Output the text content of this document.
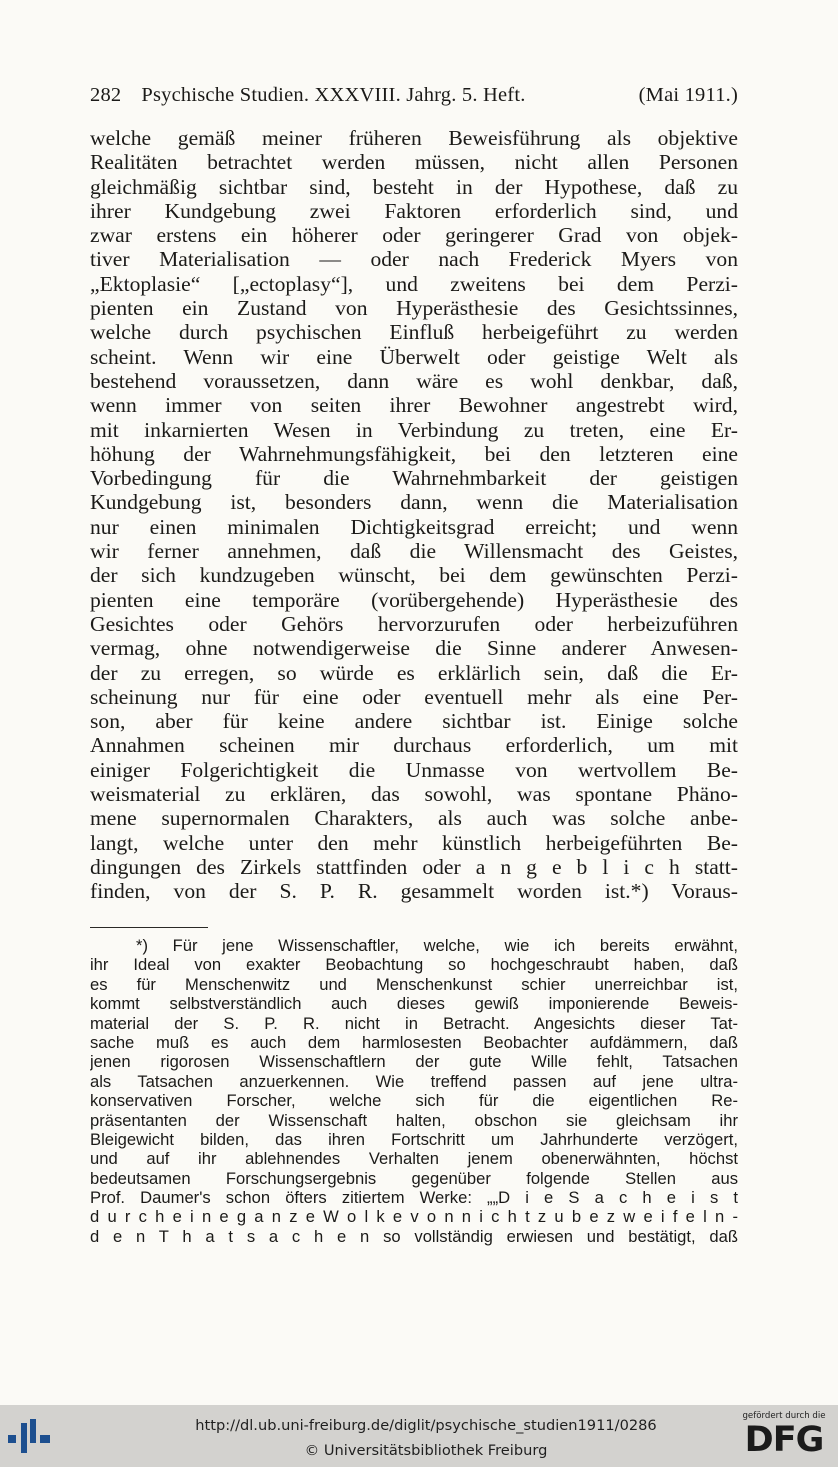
282 Psychische Studien. XXXVIII. Jahrg. 5. Heft.	(Mai 1911.)
welche gemäß meiner früheren Beweisführung als objektive
Realitäten betrachtet werden müssen, nicht allen Personen
gleichmäßig sichtbar sind, besteht in der Hypothese, daß zu
ihrer Kundgebung zwei Faktoren erforderlich sind, und
zwar erstens ein höherer oder geringerer Grad von objek-
tiver Materialisation — oder nach Frederick Myers von
„Ektoplasie“ [„ectoplasy“], und zweitens bei dem Perzi-
pienten ein Zustand von Hyperästhesie des Gesichtssinnes,
welche durch psychischen Einfluß herbeigeführt zu werden
scheint. Wenn wir eine Überwelt oder geistige Welt als
bestehend voraussetzen, dann wäre es wohl denkbar, daß,
wenn immer von seiten ihrer Bewohner angestrebt wird,
mit inkarnierten Wesen in Verbindung zu treten, eine Er-
höhung der Wahrnehmungsfähigkeit, bei den letzteren eine
Vorbedingung für die Wahrnehmbarkeit der geistigen
Kundgebung ist, besonders dann, wenn die Materialisation
nur einen minimalen Dichtigkeitsgrad erreicht; und wenn
wir ferner annehmen, daß die Willensmacht des Geistes,
der sich kundzugeben wünscht, bei dem gewünschten Perzi-
pienten eine temporäre (vorübergehende) Hyperästhesie des
Gesichtes oder Gehörs hervorzurufen oder herbeizuführen
vermag, ohne notwendigerweise die Sinne anderer Anwesen-
der zu erregen, so würde es erklärlich sein, daß die Er-
scheinung nur für eine oder eventuell mehr als eine Per-
son, aber für keine andere sichtbar ist. Einige solche
Annahmen scheinen mir durchaus erforderlich, um mit
einiger Folgerichtigkeit die Unmasse von wertvollem Be-
weismaterial zu erklären, das sowohl, was spontane Phäno-
mene supernormalen Charakters, als auch was solche anbe-
langt, welche unter den mehr künstlich herbeigeführten Be-
dingungen des Zirkels stattfinden oder a n g e b l i c h statt-
finden, von der S. P. R. gesammelt worden ist.*) Voraus-
*) Für jene Wissenschaftler, welche, wie ich bereits erwähnt,
ihr Ideal von exakter Beobachtung so hochgeschraubt haben, daß
es für Menschenwitz und Menschenkunst schier unerreichbar ist,
kommt selbstverständlich auch dieses gewiß imponierende Beweis-
material der S. P. R. nicht in Betracht. Angesichts dieser Tat-
sache muß es auch dem harmlosesten Beobachter aufdämmern, daß
jenen rigorosen Wissenschaftlern der gute Wille fehlt, Tatsachen
als Tatsachen anzuerkennen. Wie treffend passen auf jene ultra-
konservativen Forscher, welche sich für die eigentlichen Re-
präsentanten der Wissenschaft halten, obschon sie gleichsam ihr
Bleigewicht bilden, das ihren Fortschritt um Jahrhunderte verzögert,
und auf ihr ablehnendes Verhalten jenem obenerwähnten, höchst
bedeutsamen Forschungsergebnis gegenüber folgende Stellen aus
Prof. Daumer's schon öfters zitiertem Werke: „„D i e S a c h e i s t
d u r c h e i n e g a n z e W o l k e v o n n i c h t z u b e z w e i f e l n -
d e n T h a t s a c h e n so vollständig erwiesen und bestätigt, daß
http://dl.ub.uni-freiburg.de/diglit/psychische_studien1911/0286
© Universitätsbibliothek Freiburg
gefördert durch die
DFG
